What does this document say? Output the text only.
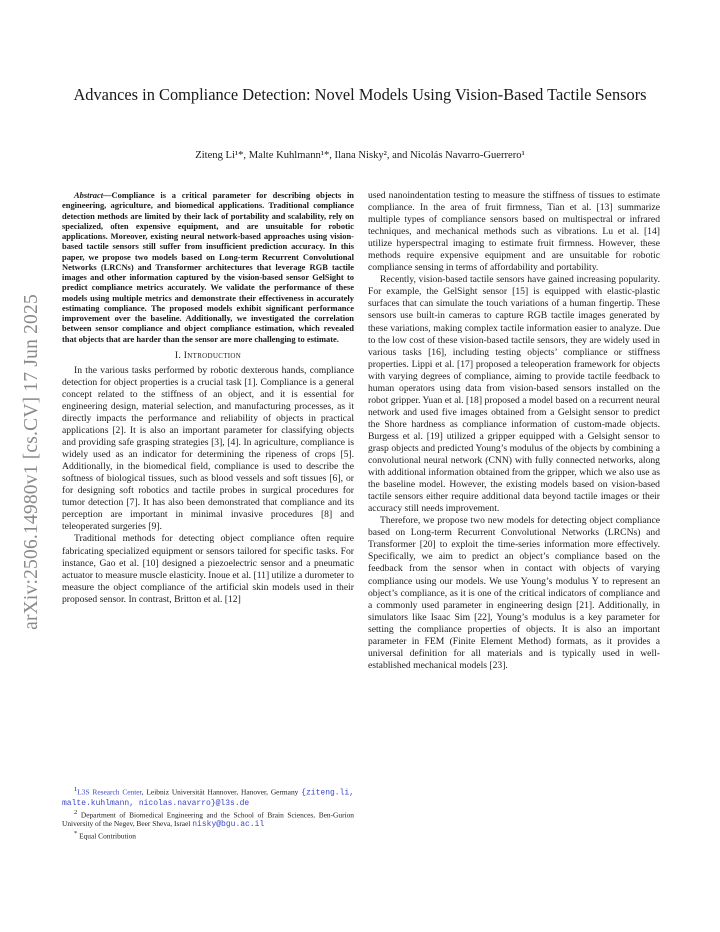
arXiv:2506.14980v1 [cs.CV] 17 Jun 2025
Advances in Compliance Detection: Novel Models Using Vision-Based Tactile Sensors
Ziteng Li¹*, Malte Kuhlmann¹*, Ilana Nisky², and Nicolás Navarro-Guerrero¹

Abstract—Compliance is a critical parameter for describing objects in engineering, agriculture, and biomedical applications. Traditional compliance detection methods are limited by their lack of portability and scalability, rely on specialized, often expensive equipment, and are unsuitable for robotic applications. Moreover, existing neural network-based approaches using vision-based tactile sensors still suffer from insufficient prediction accuracy. In this paper, we propose two models based on Long-term Recurrent Convolutional Networks (LRCNs) and Transformer architectures that leverage RGB tactile images and other information captured by the vision-based sensor GelSight to predict compliance metrics accurately. We validate the performance of these models using multiple metrics and demonstrate their effectiveness in accurately estimating compliance. The proposed models exhibit significant performance improvement over the baseline. Additionally, we investigated the correlation between sensor compliance and object compliance estimation, which revealed that objects that are harder than the sensor are more challenging to estimate.

I. Introduction

In the various tasks performed by robotic dexterous hands, compliance detection for object properties is a crucial task [1]. Compliance is a general concept related to the stiffness of an object, and it is essential for engineering design, material selection, and manufacturing processes, as it directly impacts the performance and reliability of objects in practical applications [2]. It is also an important parameter for classifying objects and providing safe grasping strategies [3], [4]. In agriculture, compliance is widely used as an indicator for determining the ripeness of crops [5]. Additionally, in the biomedical field, compliance is used to describe the softness of biological tissues, such as blood vessels and soft tissues [6], or for designing soft robotics and tactile probes in surgical procedures for tumor detection [7]. It has also been demonstrated that compliance and its perception are important in minimal invasive procedures [8] and teleoperated surgeries [9].

Traditional methods for detecting object compliance often require fabricating specialized equipment or sensors tailored for specific tasks. For instance, Gao et al. [10] designed a piezoelectric sensor and a pneumatic actuator to measure muscle elasticity. Inoue et al. [11] utilize a durometer to measure the object compliance of the artificial skin models used in their proposed sensor. In contrast, Britton et al. [12]

used nanoindentation testing to measure the stiffness of tissues to estimate compliance. In the area of fruit firmness, Tian et al. [13] summarize multiple types of compliance sensors based on multispectral or infrared techniques, and mechanical methods such as vibrations. Lu et al. [14] utilize hyperspectral imaging to estimate fruit firmness. However, these methods require expensive equipment and are unsuitable for robotic compliance sensing in terms of affordability and portability.

Recently, vision-based tactile sensors have gained increasing popularity. For example, the GelSight sensor [15] is equipped with elastic-plastic surfaces that can simulate the touch variations of a human fingertip. These sensors use built-in cameras to capture RGB tactile images generated by these variations, making complex tactile information easier to analyze. Due to the low cost of these vision-based tactile sensors, they are widely used in various tasks [16], including testing objects’ compliance or stiffness properties. Lippi et al. [17] proposed a teleoperation framework for objects with varying degrees of compliance, aiming to provide tactile feedback to human operators using data from vision-based sensors installed on the robot gripper. Yuan et al. [18] proposed a model based on a recurrent neural network and used five images obtained from a Gelsight sensor to predict the Shore hardness as compliance information of custom-made objects. Burgess et al. [19] utilized a gripper equipped with a Gelsight sensor to grasp objects and predicted Young’s modulus of the objects by combining a convolutional neural network (CNN) with fully connected networks, along with additional information obtained from the gripper, which we also use as the baseline model. However, the existing models based on vision-based tactile sensors either require additional data beyond tactile images or their accuracy still needs improvement.

Therefore, we propose two new models for detecting object compliance based on Long-term Recurrent Convolutional Networks (LRCNs) and Transformer [20] to exploit the time-series information more effectively. Specifically, we aim to predict an object’s compliance based on the feedback from the sensor when in contact with objects of varying compliance using our models. We use Young’s modulus Y to represent an object’s compliance, as it is one of the critical indicators of compliance and a commonly used parameter in engineering design [21]. Additionally, in simulators like Isaac Sim [22], Young’s modulus is a key parameter for setting the compliance properties of objects. It is also an important parameter in FEM (Finite Element Method) formats, as it provides a universal definition for all materials and is typically used in well-established mechanical models [23].

$^1$L3S Research Center, Leibniz Universität Hannover, Hanover, Germany {ziteng.li, malte.kuhlmann, nicolas.navarro}@l3s.de

$^2$ Department of Biomedical Engineering and the School of Brain Sciences, Ben-Gurion University of the Negev, Beer Sheva, Israel nisky@bgu.ac.il

* Equal Contribution
